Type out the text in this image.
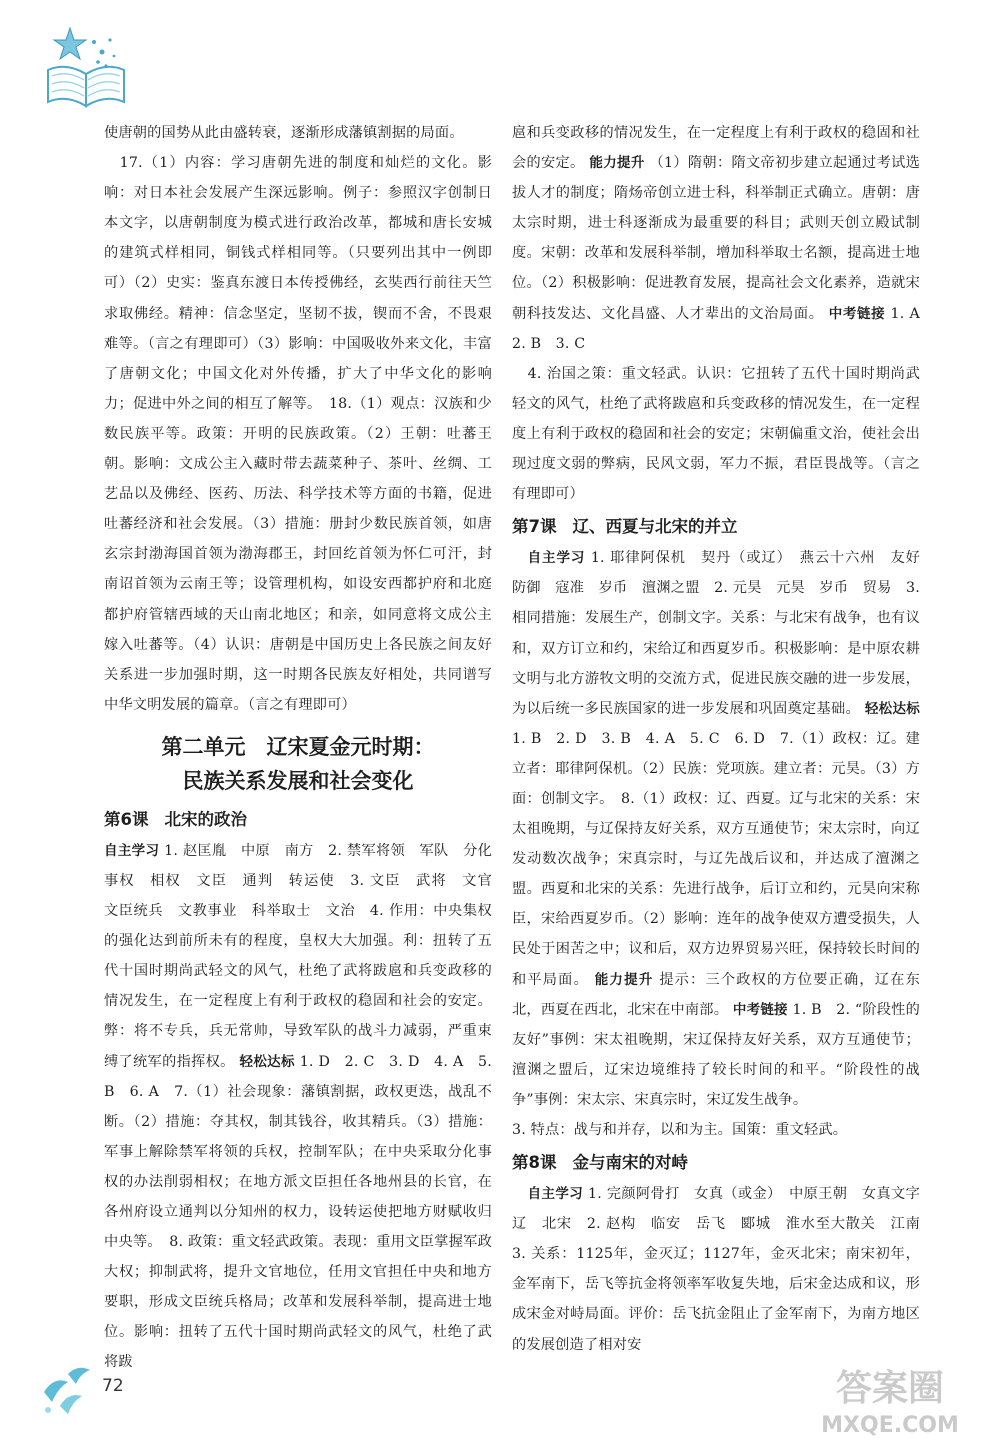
使唐朝的国势从此由盛转衰，逐渐形成藩镇割据的局面。

17.（1）内容：学习唐朝先进的制度和灿烂的文化。影响：对日本社会发展产生深远影响。例子：参照汉字创制日本文字，以唐朝制度为模式进行政治改革，都城和唐长安城的建筑式样相同，铜钱式样相同等。（只要列出其中一例即可）（2）史实：鉴真东渡日本传授佛经，玄奘西行前往天竺求取佛经。精神：信念坚定，坚韧不拔，锲而不舍，不畏艰难等。（言之有理即可）（3）影响：中国吸收外来文化，丰富了唐朝文化；中国文化对外传播，扩大了中华文化的影响力；促进中外之间的相互了解等。　18.（1）观点：汉族和少数民族平等。政策：开明的民族政策。（2）王朝：吐蕃王朝。影响：文成公主入藏时带去蔬菜种子、茶叶、丝绸、工艺品以及佛经、医药、历法、科学技术等方面的书籍，促进吐蕃经济和社会发展。（3）措施：册封少数民族首领，如唐玄宗封渤海国首领为渤海郡王，封回纥首领为怀仁可汗，封南诏首领为云南王等；设管理机构，如设安西都护府和北庭都护府管辖西域的天山南北地区；和亲，如同意将文成公主嫁入吐蕃等。（4）认识：唐朝是中国历史上各民族之间友好关系进一步加强时期，这一时期各民族友好相处，共同谱写中华文明发展的篇章。（言之有理即可）

第二单元　辽宋夏金元时期：
民族关系发展和社会变化
第6课 北宋的政治

自主学习 1. 赵匡胤　中原　南方　2. 禁军将领　军队　分化事权　相权　文臣　通判　转运使　3. 文臣　武将　文官　文臣统兵　文教事业　科举取士　文治　4. 作用：中央集权的强化达到前所未有的程度，皇权大大加强。利：扭转了五代十国时期尚武轻文的风气，杜绝了武将跋扈和兵变政移的情况发生，在一定程度上有利于政权的稳固和社会的安定。弊：将不专兵，兵无常帅，导致军队的战斗力减弱，严重束缚了统军的指挥权。 轻松达标 1. D　2. C　3. D　4. A　5. B　6. A　7.（1）社会现象：藩镇割据，政权更迭，战乱不断。（2）措施：夺其权，制其钱谷，收其精兵。（3）措施：军事上解除禁军将领的兵权，控制军队；在中央采取分化事权的办法削弱相权；在地方派文臣担任各地州县的长官，在各州府设立通判以分知州的权力，设转运使把地方财赋收归中央等。　8. 政策：重文轻武政策。表现：重用文臣掌握军政大权；抑制武将，提升文官地位，任用文官担任中央和地方要职，形成文臣统兵格局；改革和发展科举制，提高进士地位。影响：扭转了五代十国时期尚武轻文的风气，杜绝了武将跋

扈和兵变政移的情况发生，在一定程度上有利于政权的稳固和社会的安定。 能力提升 （1）隋朝：隋文帝初步建立起通过考试选拔人才的制度；隋炀帝创立进士科，科举制正式确立。唐朝：唐太宗时期，进士科逐渐成为最重要的科目；武则天创立殿试制度。宋朝：改革和发展科举制，增加科举取士名额，提高进士地位。（2）积极影响：促进教育发展，提高社会文化素养，造就宋朝科技发达、文化昌盛、人才辈出的文治局面。 中考链接 1. A　2. B　3. C

4. 治国之策：重文轻武。认识：它扭转了五代十国时期尚武轻文的风气，杜绝了武将跋扈和兵变政移的情况发生，在一定程度上有利于政权的稳固和社会的安定；宋朝偏重文治，使社会出现过度文弱的弊病，民风文弱，军力不振，君臣畏战等。（言之有理即可）

第7课 辽、西夏与北宋的并立

自主学习 1. 耶律阿保机　契丹（或辽）　燕云十六州　友好　防御　寇准　岁币　澶渊之盟　2. 元昊　元昊　岁币　贸易　3. 相同措施：发展生产，创制文字。关系：与北宋有战争，也有议和，双方订立和约，宋给辽和西夏岁币。积极影响：是中原农耕文明与北方游牧文明的交流方式，促进民族交融的进一步发展，为以后统一多民族国家的进一步发展和巩固奠定基础。 轻松达标 1. B　2. D　3. B　4. A　5. C　6. D　7.（1）政权：辽。建立者：耶律阿保机。（2）民族：党项族。建立者：元昊。（3）方面：创制文字。　8.（1）政权：辽、西夏。辽与北宋的关系：宋太祖晚期，与辽保持友好关系，双方互通使节；宋太宗时，向辽发动数次战争；宋真宗时，与辽先战后议和，并达成了澶渊之盟。西夏和北宋的关系：先进行战争，后订立和约，元昊向宋称臣，宋给西夏岁币。（2）影响：连年的战争使双方遭受损失，人民处于困苦之中；议和后，双方边界贸易兴旺，保持较长时间的和平局面。 能力提升 提示：三个政权的方位要正确，辽在东北，西夏在西北，北宋在中南部。 中考链接 1. B　2. “阶段性的友好”事例：宋太祖晚期，宋辽保持友好关系，双方互通使节；澶渊之盟后，辽宋边境维持了较长时间的和平。“阶段性的战争”事例：宋太宗、宋真宗时，宋辽发生战争。

3. 特点：战与和并存，以和为主。国策：重文轻武。

第8课 金与南宋的对峙

自主学习 1. 完颜阿骨打　女真（或金）　中原王朝　女真文字　辽　北宋　2. 赵构　临安　岳飞　郾城　淮水至大散关　江南　3. 关系：1125年，金灭辽；1127年，金灭北宋；南宋初年，金军南下，岳飞等抗金将领率军收复失地，后宋金达成和议，形成宋金对峙局面。评价：岳飞抗金阻止了金军南下，为南方地区的发展创造了相对安

72	答案圈
MXQE.COM
